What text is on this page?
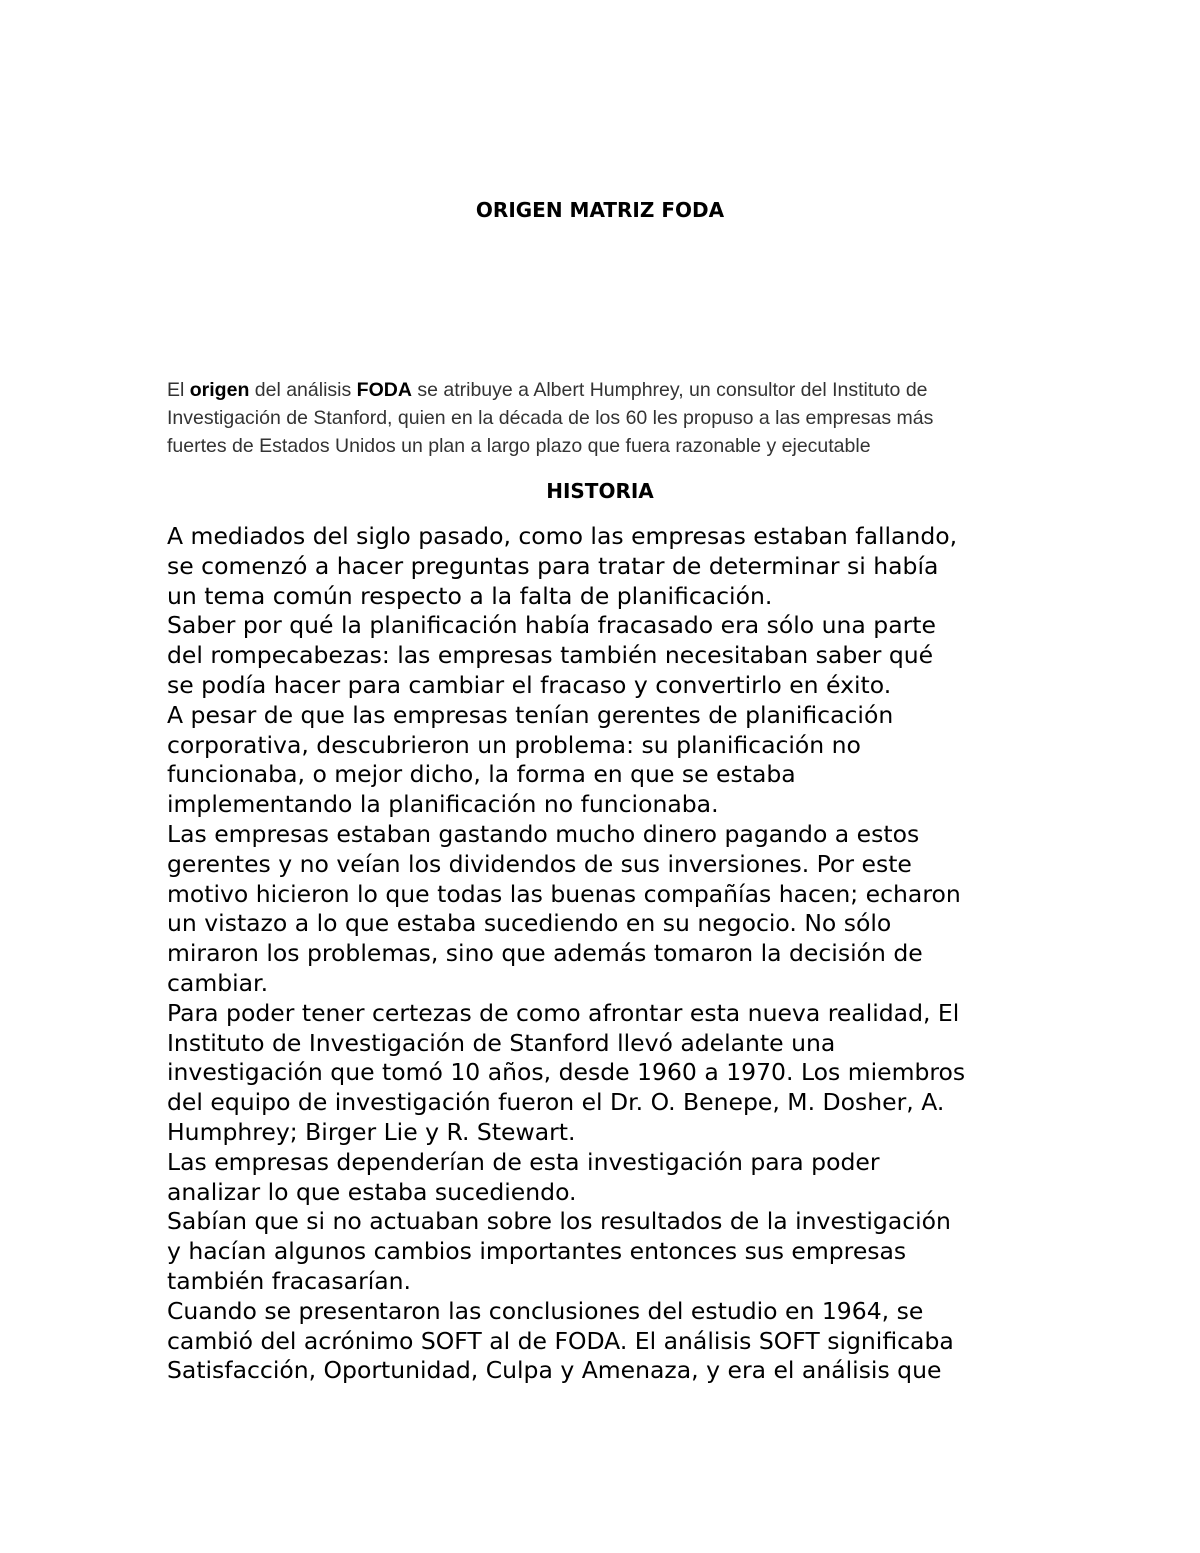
ORIGEN MATRIZ FODA

El origen del análisis FODA se atribuye a Albert Humphrey, un consultor del Instituto de
Investigación de Stanford, quien en la década de los 60 les propuso a las empresas más
fuertes de Estados Unidos un plan a largo plazo que fuera razonable y ejecutable

HISTORIA
A mediados del siglo pasado, como las empresas estaban fallando,
se comenzó a hacer preguntas para tratar de determinar si había
un tema común respecto a la falta de planificación.
Saber por qué la planificación había fracasado era sólo una parte
del rompecabezas: las empresas también necesitaban saber qué
se podía hacer para cambiar el fracaso y convertirlo en éxito.
A pesar de que las empresas tenían gerentes de planificación
corporativa, descubrieron un problema: su planificación no
funcionaba, o mejor dicho, la forma en que se estaba
implementando la planificación no funcionaba.
Las empresas estaban gastando mucho dinero pagando a estos
gerentes y no veían los dividendos de sus inversiones. Por este
motivo hicieron lo que todas las buenas compañías hacen; echaron
un vistazo a lo que estaba sucediendo en su negocio. No sólo
miraron los problemas, sino que además tomaron la decisión de
cambiar.
Para poder tener certezas de como afrontar esta nueva realidad, El
Instituto de Investigación de Stanford llevó adelante una
investigación que tomó 10 años, desde 1960 a 1970. Los miembros
del equipo de investigación fueron el Dr. O. Benepe, M. Dosher, A.
Humphrey; Birger Lie y R. Stewart.
Las empresas dependerían de esta investigación para poder
analizar lo que estaba sucediendo.
Sabían que si no actuaban sobre los resultados de la investigación
y hacían algunos cambios importantes entonces sus empresas
también fracasarían.
Cuando se presentaron las conclusiones del estudio en 1964, se
cambió del acrónimo SOFT al de FODA. El análisis SOFT significaba
Satisfacción, Oportunidad, Culpa y Amenaza, y era el análisis que
